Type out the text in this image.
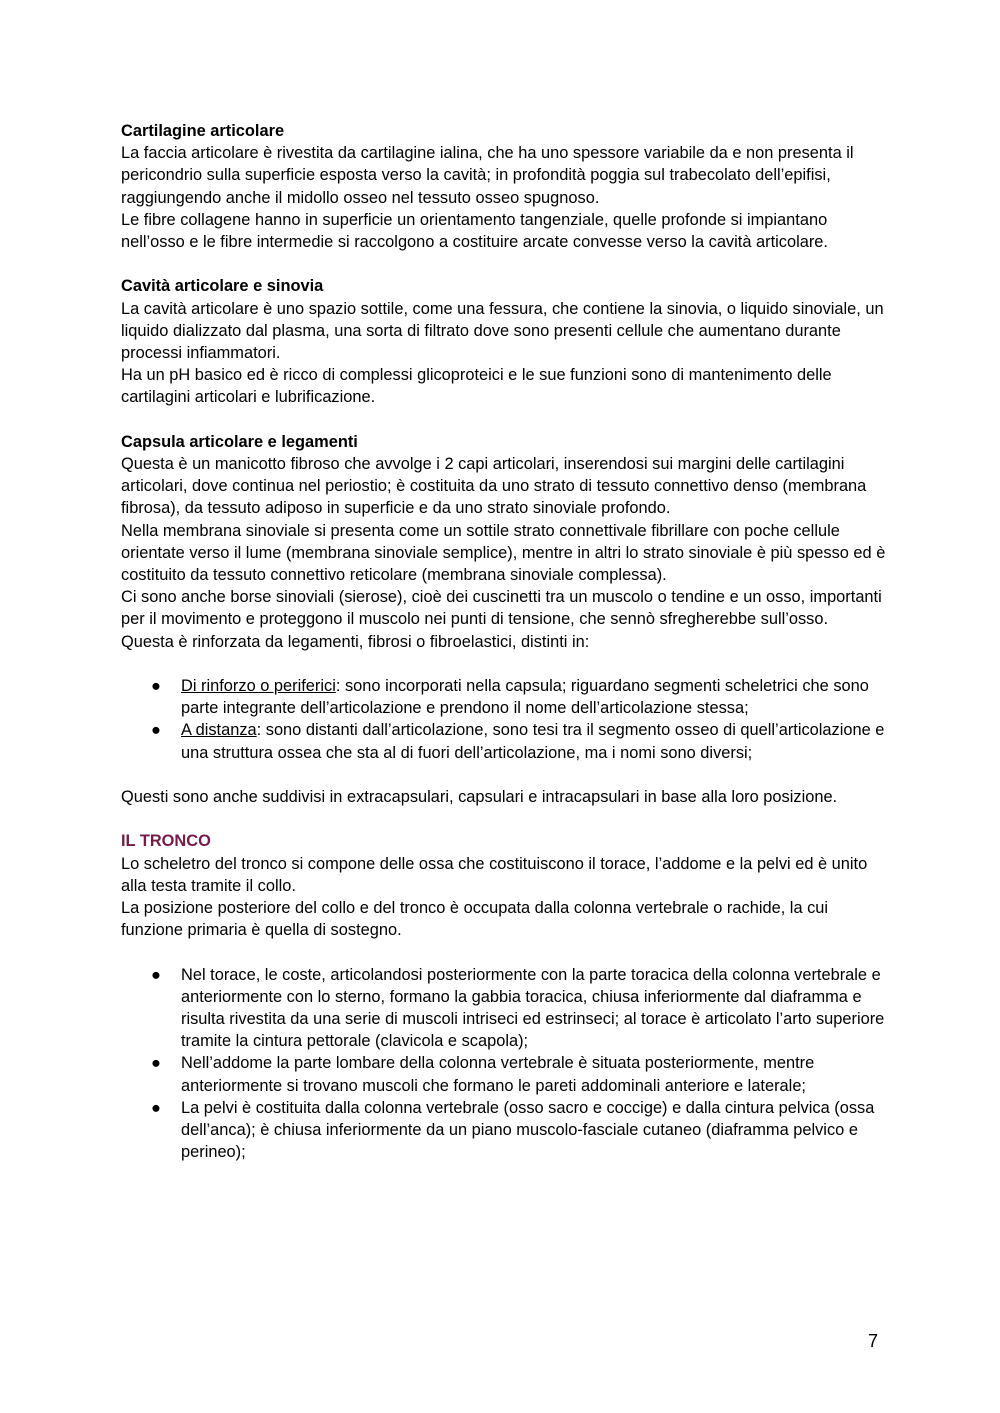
Cartilagine articolare

La faccia articolare è rivestita da cartilagine ialina, che ha uno spessore variabile da e non presenta il pericondrio sulla superficie esposta verso la cavità; in profondità poggia sul trabecolato dell’epifisi, raggiungendo anche il midollo osseo nel tessuto osseo spugnoso.

Le fibre collagene hanno in superficie un orientamento tangenziale, quelle profonde si impiantano nell’osso e le fibre intermedie si raccolgono a costituire arcate convesse verso la cavità articolare.

Cavità articolare e sinovia

La cavità articolare è uno spazio sottile, come una fessura, che contiene la sinovia, o liquido sinoviale, un liquido dializzato dal plasma, una sorta di filtrato dove sono presenti cellule che aumentano durante processi infiammatori.

Ha un pH basico ed è ricco di complessi glicoproteici e le sue funzioni sono di mantenimento delle cartilagini articolari e lubrificazione.

Capsula articolare e legamenti

Questa è un manicotto fibroso che avvolge i 2 capi articolari, inserendosi sui margini delle cartilagini articolari, dove continua nel periostio; è costituita da uno strato di tessuto connettivo denso (membrana fibrosa), da tessuto adiposo in superficie e da uno strato sinoviale profondo.

Nella membrana sinoviale si presenta come un sottile strato connettivale fibrillare con poche cellule orientate verso il lume (membrana sinoviale semplice), mentre in altri lo strato sinoviale è più spesso ed è costituito da tessuto connettivo reticolare (membrana sinoviale complessa).

Ci sono anche borse sinoviali (sierose), cioè dei cuscinetti tra un muscolo o tendine e un osso, importanti per il movimento e proteggono il muscolo nei punti di tensione, che sennò sfregherebbe sull’osso.

Questa è rinforzata da legamenti, fibrosi o fibroelastici, distinti in:

● Di rinforzo o periferici: sono incorporati nella capsula; riguardano segmenti scheletrici che sono parte integrante dell’articolazione e prendono il nome dell’articolazione stessa;
● A distanza: sono distanti dall’articolazione, sono tesi tra il segmento osseo di quell’articolazione e una struttura ossea che sta al di fuori dell’articolazione, ma i nomi sono diversi;

Questi sono anche suddivisi in extracapsulari, capsulari e intracapsulari in base alla loro posizione.

IL TRONCO

Lo scheletro del tronco si compone delle ossa che costituiscono il torace, l’addome e la pelvi ed è unito alla testa tramite il collo.

La posizione posteriore del collo e del tronco è occupata dalla colonna vertebrale o rachide, la cui funzione primaria è quella di sostegno.

● Nel torace, le coste, articolandosi posteriormente con la parte toracica della colonna vertebrale e anteriormente con lo sterno, formano la gabbia toracica, chiusa inferiormente dal diaframma e risulta rivestita da una serie di muscoli intriseci ed estrinseci; al torace è articolato l’arto superiore tramite la cintura pettorale (clavicola e scapola);
● Nell’addome la parte lombare della colonna vertebrale è situata posteriormente, mentre anteriormente si trovano muscoli che formano le pareti addominali anteriore e laterale;
● La pelvi è costituita dalla colonna vertebrale (osso sacro e coccige) e dalla cintura pelvica (ossa dell’anca); è chiusa inferiormente da un piano muscolo-fasciale cutaneo (diaframma pelvico e perineo);
7
